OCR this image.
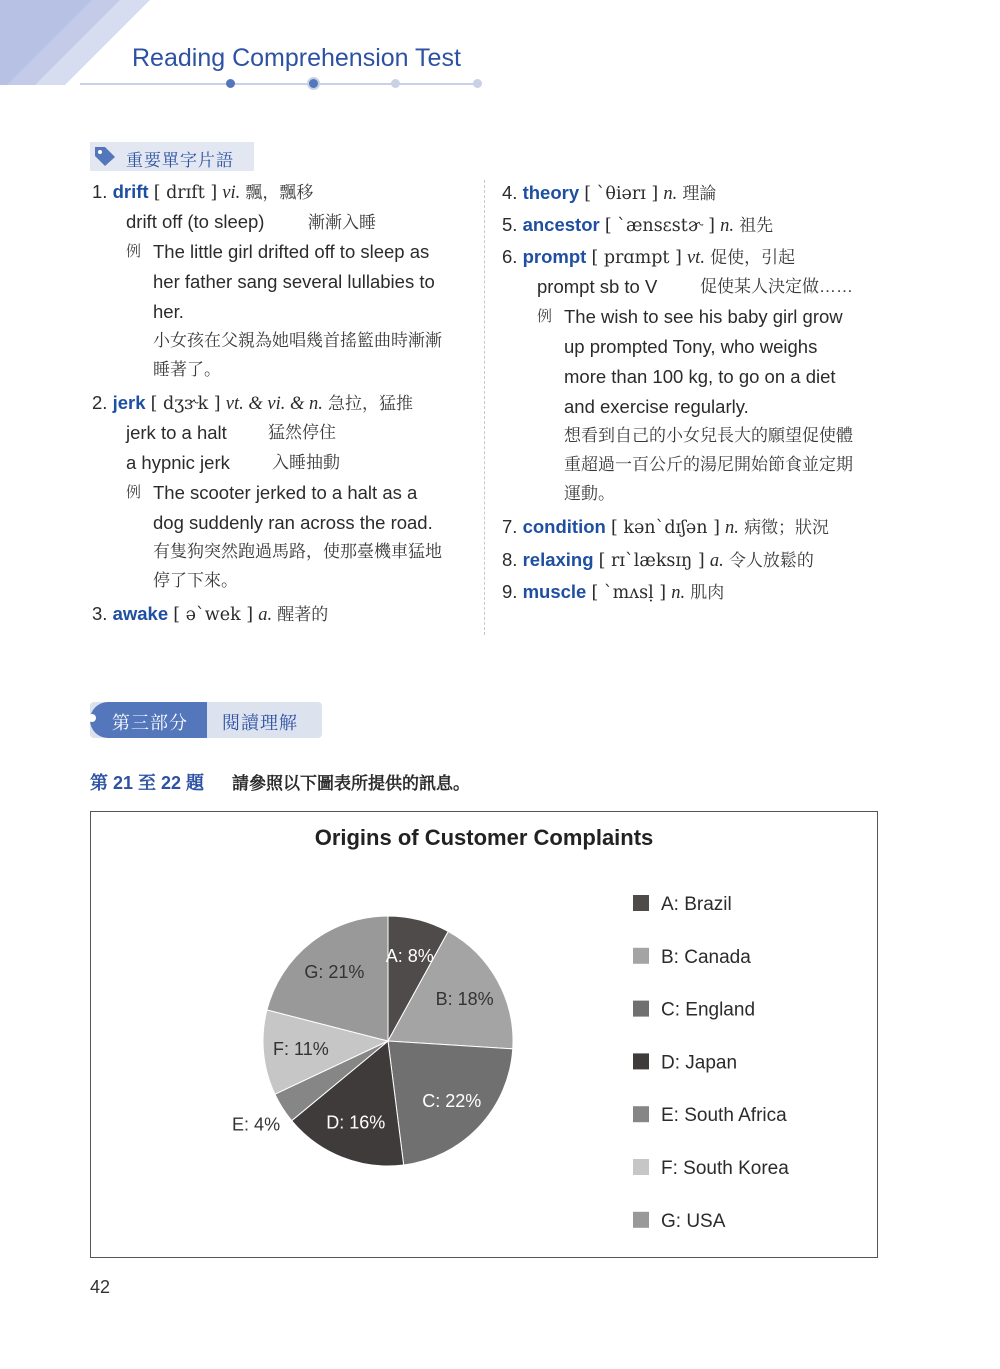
Reading Comprehension Test
重要單字片語
1. drift [ drɪft ] vi. 飄，飄移
drift off (to sleep)	漸漸入睡
例 The little girl drifted off to sleep as
her father sang several lullabies to
her.
小女孩在父親為她唱幾首搖籃曲時漸漸
睡著了。
2. jerk [ dʒɝk ] vt. & vi. & n. 急拉，猛推
jerk to a halt 猛然停住
a hypnic jerk 入睡抽動
例 The scooter jerked to a halt as a
dog suddenly ran across the road.
有隻狗突然跑過馬路，使那臺機車猛地
停了下來。
3. awake [ əˋwek ] a. 醒著的
4. theory [ ˋθiərɪ ] n. 理論
5. ancestor [ ˋænsɛstɚ ] n. 祖先
6. prompt [ prɑmpt ] vt. 促使，引起
prompt sb to V	促使某人決定做……
例 The wish to see his baby girl grow
up prompted Tony, who weighs
more than 100 kg, to go on a diet
and exercise regularly.
想看到自己的小女兒長大的願望促使體
重超過一百公斤的湯尼開始節食並定期
運動。
7. condition [ kənˋdɪʃən ] n. 病徵；狀況
8. relaxing [ rɪˋlæksɪŋ ] a. 令人放鬆的
9. muscle [ ˋmʌsḷ ] n. 肌肉
第三部分 閱讀理解
第 21 至 22 題 請參照以下圖表所提供的訊息。
Origins of Customer Complaints
A: 8%
B: 18%
C: 22%
D: 16%
E: 4%
F: 11%
G: 21%
A: Brazil
B: Canada
C: England
D: Japan
E: South Africa
F: South Korea
G: USA
42
